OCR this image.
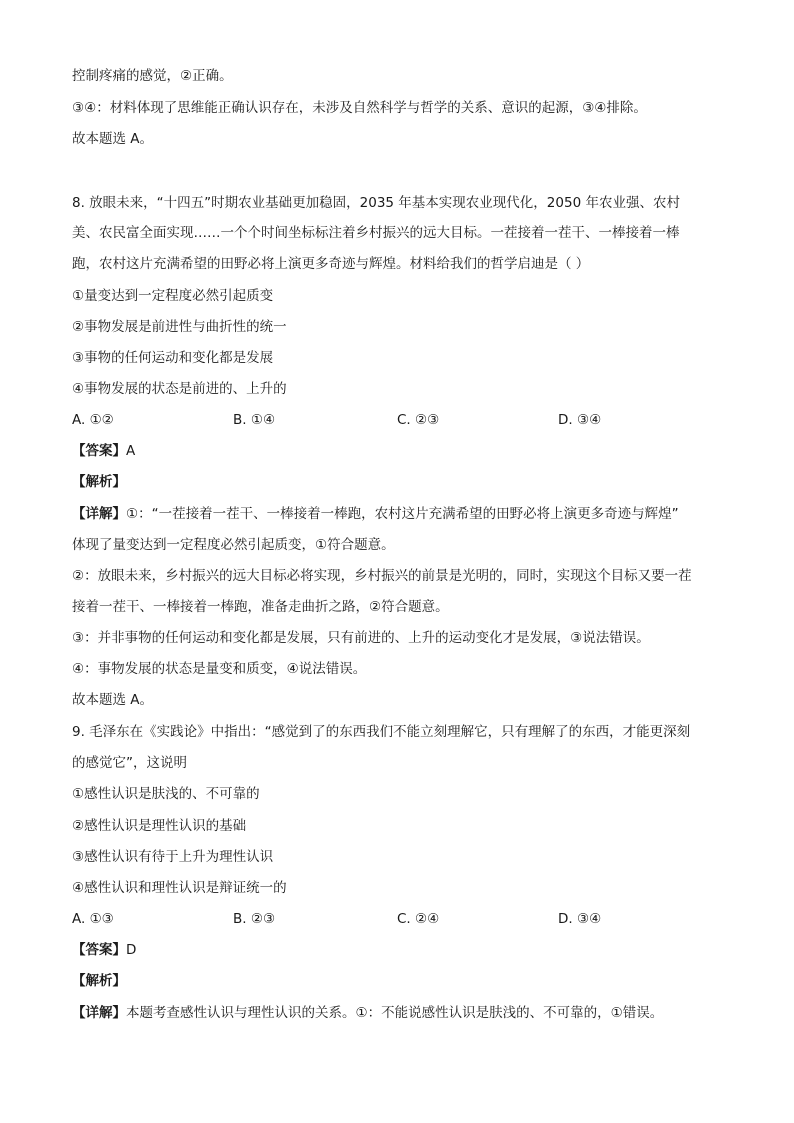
控制疼痛的感觉，②正确。
③④：材料体现了思维能正确认识存在，未涉及自然科学与哲学的关系、意识的起源，③④排除。
故本题选 A。
8. 放眼未来，“十四五”时期农业基础更加稳固，2035 年基本实现农业现代化，2050 年农业强、农村
美、农民富全面实现……一个个时间坐标标注着乡村振兴的远大目标。一茬接着一茬干、一棒接着一棒
跑，农村这片充满希望的田野必将上演更多奇迹与辉煌。材料给我们的哲学启迪是（ ）
①量变达到一定程度必然引起质变
②事物发展是前进性与曲折性的统一
③事物的任何运动和变化都是发展
④事物发展的状态是前进的、上升的
A. ①②	B. ①④	C. ②③	D. ③④
【答案】A
【解析】
【详解】①：“一茬接着一茬干、一棒接着一棒跑，农村这片充满希望的田野必将上演更多奇迹与辉煌”
体现了量变达到一定程度必然引起质变，①符合题意。
②：放眼未来，乡村振兴的远大目标必将实现，乡村振兴的前景是光明的，同时，实现这个目标又要一茬
接着一茬干、一棒接着一棒跑，准备走曲折之路，②符合题意。
③：并非事物的任何运动和变化都是发展，只有前进的、上升的运动变化才是发展，③说法错误。
④：事物发展的状态是量变和质变，④说法错误。
故本题选 A。
9. 毛泽东在《实践论》中指出：“感觉到了的东西我们不能立刻理解它，只有理解了的东西，才能更深刻
的感觉它”，这说明
①感性认识是肤浅的、不可靠的
②感性认识是理性认识的基础
③感性认识有待于上升为理性认识
④感性认识和理性认识是辩证统一的
A. ①③	B. ②③	C. ②④	D. ③④
【答案】D
【解析】
【详解】本题考查感性认识与理性认识的关系。①：不能说感性认识是肤浅的、不可靠的，①错误。
